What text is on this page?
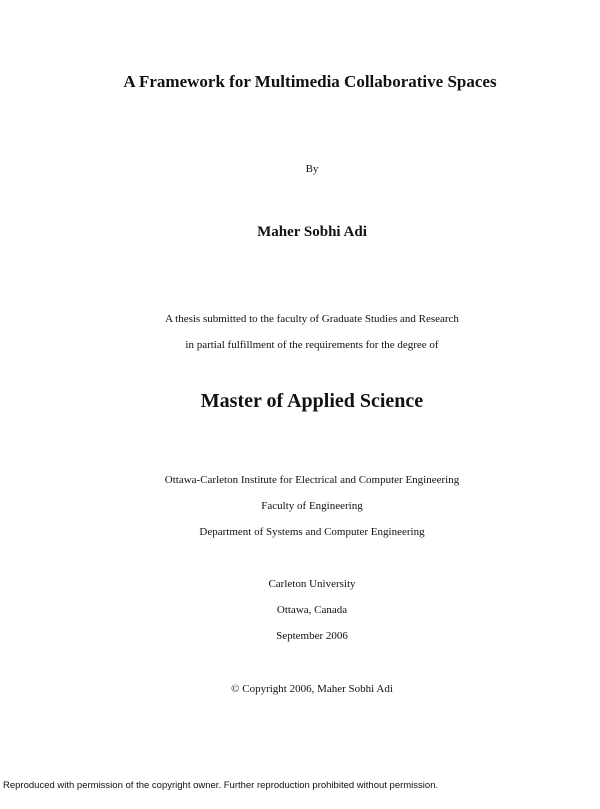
A Framework for Multimedia Collaborative Spaces
By
Maher Sobhi Adi
A thesis submitted to the faculty of Graduate Studies and Research
in partial fulfillment of the requirements for the degree of
Master of Applied Science
Ottawa-Carleton Institute for Electrical and Computer Engineering
Faculty of Engineering
Department of Systems and Computer Engineering
Carleton University
Ottawa, Canada
September 2006
© Copyright 2006, Maher Sobhi Adi
Reproduced with permission of the copyright owner. Further reproduction prohibited without permission.
